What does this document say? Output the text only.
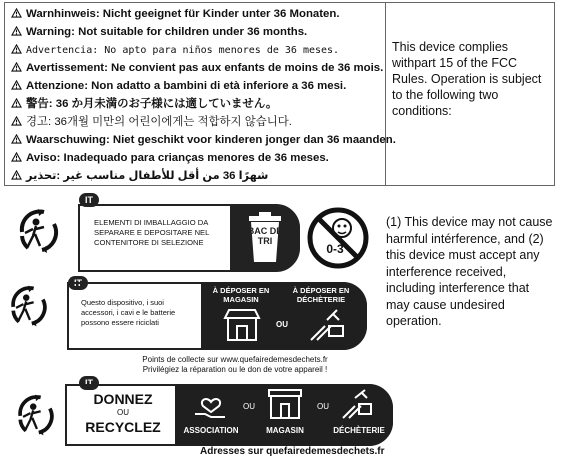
Warnhinweis: Nicht geeignet für Kinder unter 36 Monaten.
Warning: Not suitable for children under 36 months.
Advertencia: No apto para niños menores de 36 meses.
Avertissement: Ne convient pas aux enfants de moins de 36 mois.
Attenzione: Non adatto a bambini di età inferiore a 36 mesi.
警告: 36 か月未満のお子様には適していません。
경고: 36개월 미만의 어린이에게는 적합하지 않습니다.
Waarschuwing: Niet geschikt voor kinderen jonger dan 36 maanden.
Aviso: Inadequado para crianças menores de 36 meses.
شهرًا 36 من أقل للأطفال مناسب غير :تحذير
This device complies withpart 15 of the FCC Rules. Operation is subject to the following two conditions:
IT
ELEMENTI DI IMBALLAGGIO DA SEPARARE E DEPOSITARE NEL CONTENITORE DI SELEZIONE
BAC DE TRI
0-3
(1) This device may not cause harmful intérference, and (2) this device must accept any interference received, including interference that may cause undesired operation.
IT
Questo dispositivo, i suoi accessori, i cavi e le batterie possono essere riciclati
À DÉPOSER EN MAGASIN
À DÉPOSER EN DÉCHÈTERIE
OU
Points de collecte sur www.quefairedemesdechets.fr
Privilégiez la réparation ou le don de votre appareil !
IT
DONNEZ
OU
RECYCLEZ	ASSOCIATION
OU
MAGASIN
OU
DÉCHÈTERIE
Adresses sur quefairedemesdechets.fr
